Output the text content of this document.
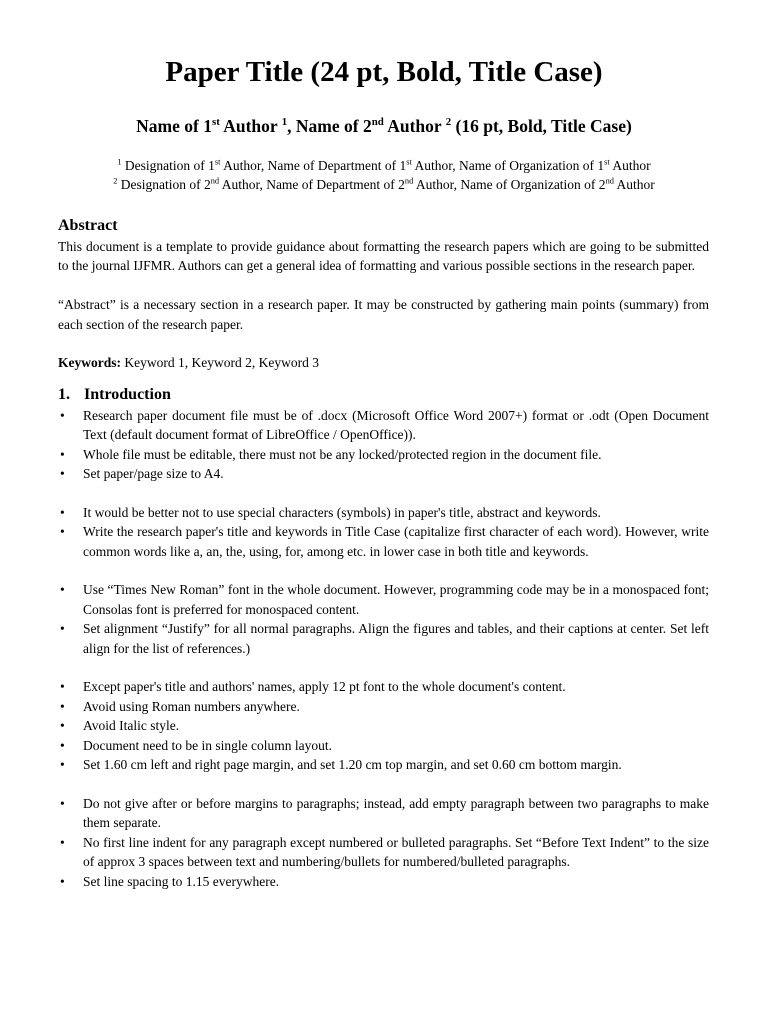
Paper Title (24 pt, Bold, Title Case)
Name of 1st Author $^1$, Name of 2nd Author $^2$ (16 pt, Bold, Title Case)
$^1$ Designation of 1st Author, Name of Department of 1st Author, Name of Organization of 1st Author
$^2$ Designation of 2nd Author, Name of Department of 2nd Author, Name of Organization of 2nd Author
Abstract

This document is a template to provide guidance about formatting the research papers which are going to be submitted to the journal IJFMR. Authors can get a general idea of formatting and various possible sections in the research paper.

“Abstract” is a necessary section in a research paper. It may be constructed by gathering main points (summary) from each section of the research paper.

Keywords: Keyword 1, Keyword 2, Keyword 3

1. Introduction
• Research paper document file must be of .docx (Microsoft Office Word 2007+) format or .odt (Open Document Text (default document format of LibreOffice / OpenOffice)).
• Whole file must be editable, there must not be any locked/protected region in the document file.
• Set paper/page size to A4.
• It would be better not to use special characters (symbols) in paper's title, abstract and keywords.
• Write the research paper's title and keywords in Title Case (capitalize first character of each word). However, write common words like a, an, the, using, for, among etc. in lower case in both title and keywords.
• Use “Times New Roman” font in the whole document. However, programming code may be in a monospaced font; Consolas font is preferred for monospaced content.
• Set alignment “Justify” for all normal paragraphs. Align the figures and tables, and their captions at center. Set left align for the list of references.)
• Except paper's title and authors' names, apply 12 pt font to the whole document's content.
• Avoid using Roman numbers anywhere.
• Avoid Italic style.
• Document need to be in single column layout.
• Set 1.60 cm left and right page margin, and set 1.20 cm top margin, and set 0.60 cm bottom margin.
• Do not give after or before margins to paragraphs; instead, add empty paragraph between two paragraphs to make them separate.
• No first line indent for any paragraph except numbered or bulleted paragraphs. Set “Before Text Indent” to the size of approx 3 spaces between text and numbering/bullets for numbered/bulleted paragraphs.
• Set line spacing to 1.15 everywhere.
